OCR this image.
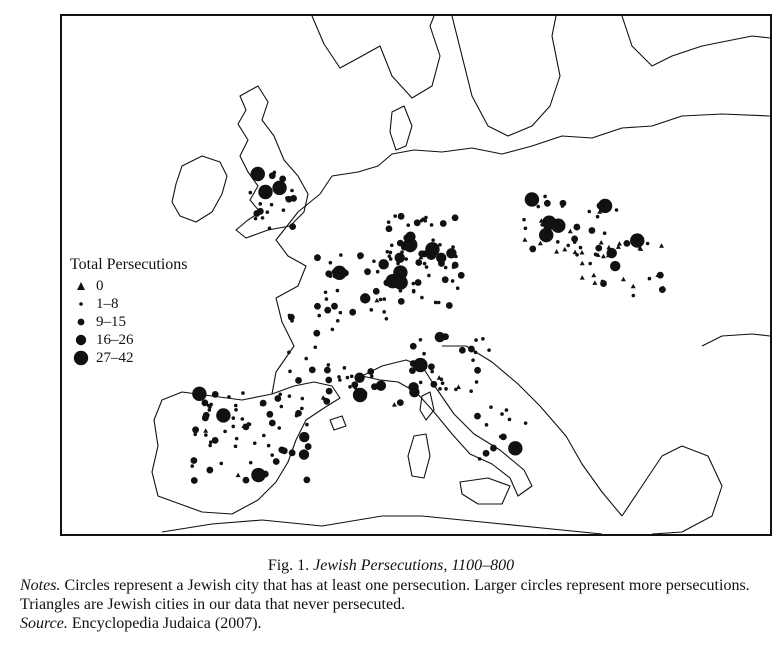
Total Persecutions
0
1–8
9–15
16–26
27–42
Fig. 1. Jewish Persecutions, 1100–800
Notes. Circles represent a Jewish city that has at least one persecution. Larger circles represent more persecutions. Triangles are Jewish cities in our data that never persecuted.
Source. Encyclopedia Judaica (2007).
